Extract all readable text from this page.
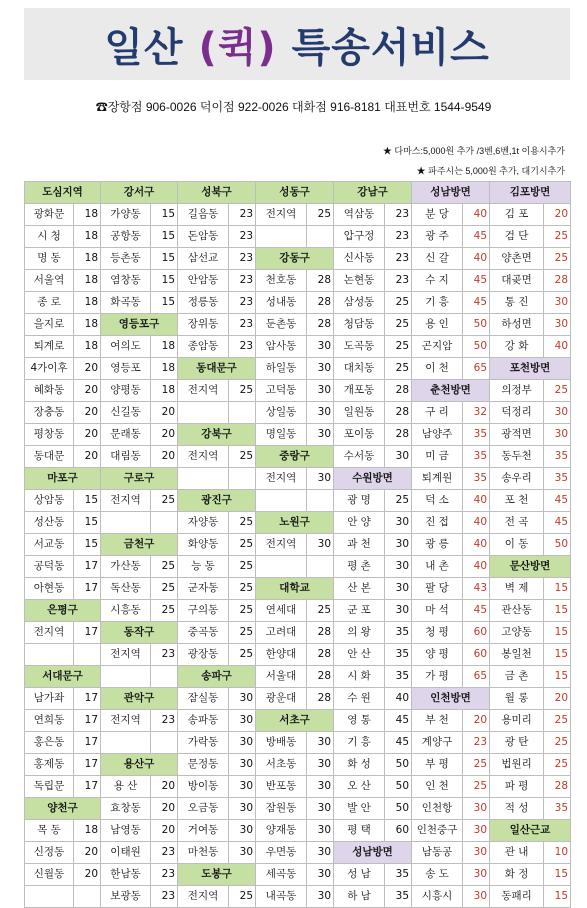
일산 (퀵) 특송서비스
☎장항점 906-0026 덕이점 922-0026 대화점 916-8181 대표번호 1544-9549
★ 다마스:5,000원 추가 /3벤,6벤,1t 이용시추가
★ 파주시는 5,000원 추가, 대기시추가
도심지역		강서구		성북구		성동구		강남구		성남방면		김포방면	
광화문	18	가양동	15	길음동	23	전지역	25	역삼동	23	분 당	40	김 포	20
시 청	18	공항동	15	돈암동	23			압구정	23	광 주	45	검 단	25
명 동	18	등촌동	15	삼선교	23	강동구		신사동	23	신 갈	40	양촌면	25
서울역	18	염창동	15	안암동	23	천호동	28	논현동	23	수 지	45	대곶면	28
종 로	18	화곡동	15	정릉동	23	성내동	28	삼성동	25	기 흥	45	통 진	30
을지로	18	영등포구		장위동	23	둔촌동	28	청담동	25	용 인	50	하성면	30
퇴계로	18	여의도	18	종암동	23	암사동	30	도곡동	25	곤지암	50	강 화	40
4가이후	20	영등포	18	동대문구		하일동	30	대치동	25	이 천	65	포천방면	
혜화동	20	양평동	18	전지역	25	고덕동	30	개포동	28	춘천방면		의정부	25
장충동	20	신길동	20			상일동	30	일원동	28	구 리	32	덕정리	30
평창동	20	문래동	20	강북구		명일동	30	포이동	28	남양주	35	광적면	30
동대문	20	대림동	20	전지역	25	중랑구		수서동	30	미 금	35	동두천	35
마포구		구로구				전지역	30	수원방면		퇴계원	35	송우리	35
상암동	15	전지역	25	광진구				광 명	25	덕 소	40	포 천	45
성산동	15			자양동	25	노원구		안 양	30	진 접	40	전 곡	45
서교동	15	금천구		화양동	25	전지역	30	과 천	30	광 릉	40	이 동	50
공덕동	17	가산동	25	능 동	25			평 촌	30	내 촌	40	문산방면	
아현동	17	독산동	25	군자동	25	대학교		산 본	30	팔 당	43	벽 제	15
은평구		시흥동	25	구의동	25	연세대	25	군 포	30	마 석	45	관산동	15
전지역	17	동작구		중곡동	25	고려대	28	의 왕	35	청 평	60	고양동	15
		전지역	23	광장동	25	한양대	28	안 산	35	양 평	60	봉일천	15
서대문구				송파구		서울대	28	시 화	35	가 평	65	금 촌	15
남가좌	17	관악구		잠실동	30	광운대	28	수 원	40	인천방면		월 롱	20
연희동	17	전지역	23	송파동	30	서초구		영 통	45	부 천	20	용미리	25
홍은동	17			가락동	30	방배동	30	기 흥	45	계양구	23	광 탄	25
홍제동	17	용산구		문정동	30	서초동	30	화 성	50	부 평	25	법원리	25
독립문	17	용 산	20	방이동	30	반포동	30	오 산	50	인 천	25	파 평	28
양천구		효창동	20	오금동	30	잠원동	30	발 안	50	인천항	30	적 성	35
목 동	18	남영동	20	거여동	30	양재동	30	평 택	60	인천중구	30	일산근교	
신정동	20	이태원	23	마천동	30	우면동	30	성남방면		남동공	30	관 내	10
신월동	20	한남동	23	도봉구		세곡동	30	성 남	35	송 도	30	화 정	15
		보광동	23	전지역	25	내곡동	30	하 남	35	시흥시	30	동패리	15
